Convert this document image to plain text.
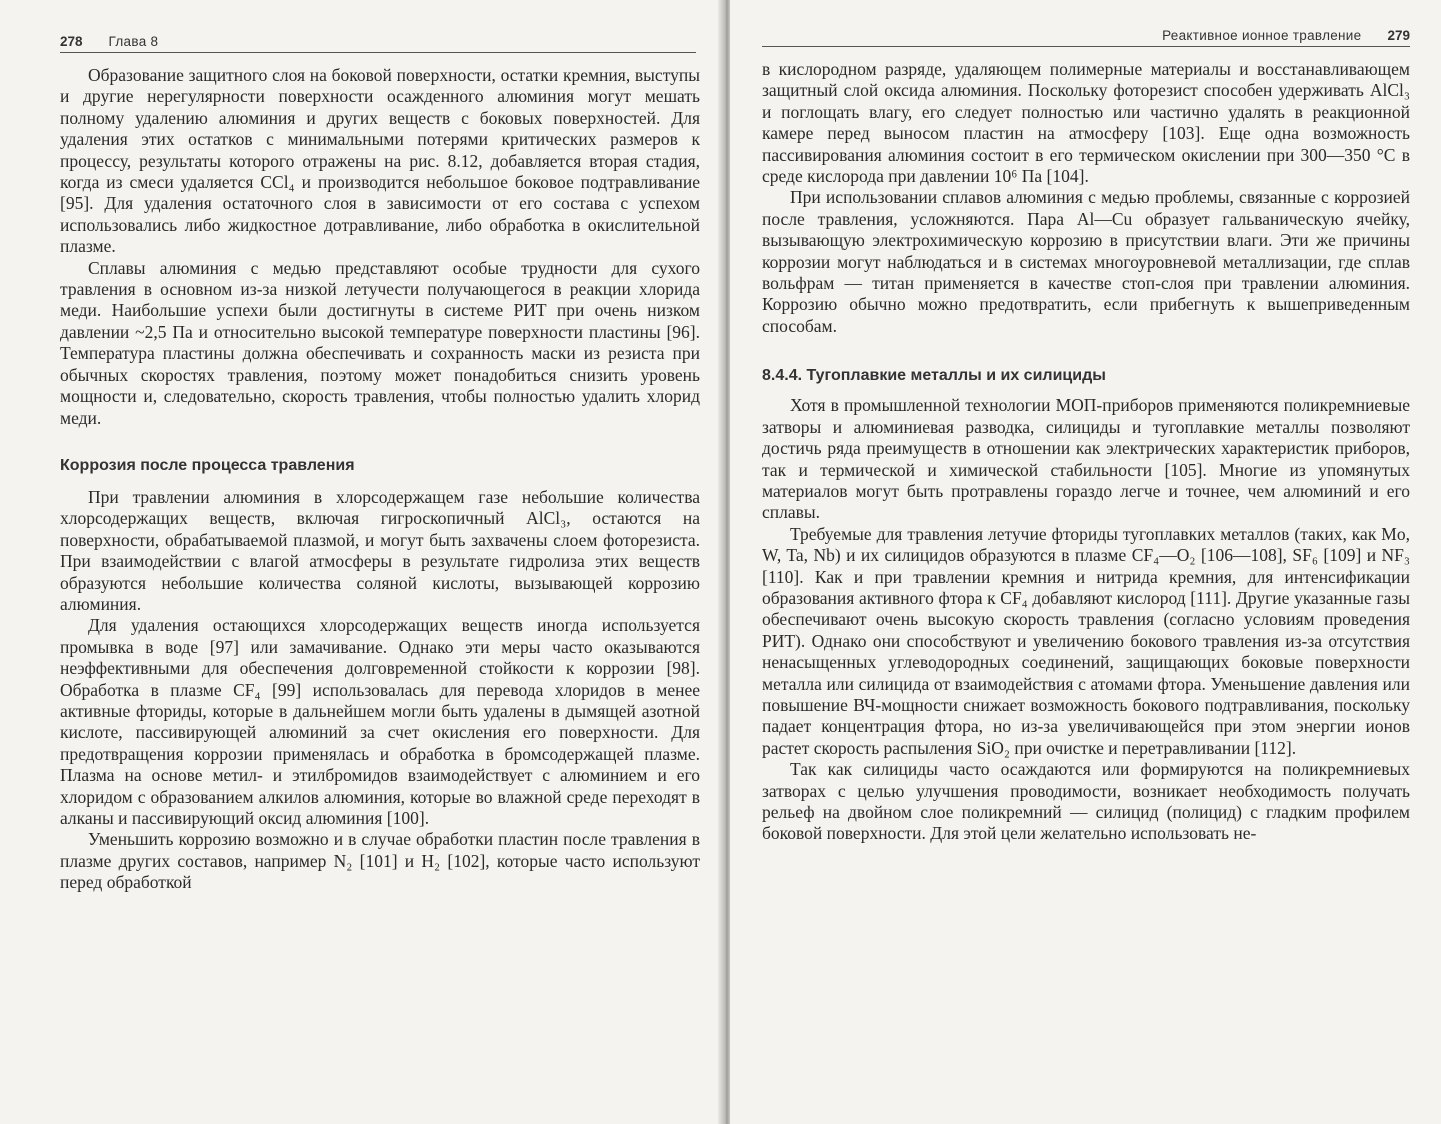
278 Глава 8

Образование защитного слоя на боковой поверхности, остатки кремния, выступы и другие нерегулярности поверхности осажденного алюминия могут мешать полному удалению алюминия и других веществ с боковых поверхностей. Для удаления этих остатков с минимальными потерями критических размеров к процессу, результаты которого отражены на рис. 8.12, добавляется вторая стадия, когда из смеси удаляется CCl₄ и производится небольшое боковое подтравливание [95]. Для удаления остаточного слоя в зависимости от его состава с успехом использовались либо жидкостное дотравливание, либо обработка в окислительной плазме.

Сплавы алюминия с медью представляют особые трудности для сухого травления в основном из-за низкой летучести получающегося в реакции хлорида меди. Наибольшие успехи были достигнуты в системе РИТ при очень низком давлении ~2,5 Па и относительно высокой температуре поверхности пластины [96]. Температура пластины должна обеспечивать и сохранность маски из резиста при обычных скоростях травления, поэтому может понадобиться снизить уровень мощности и, следовательно, скорость травления, чтобы полностью удалить хлорид меди.

Коррозия после процесса травления

При травлении алюминия в хлорсодержащем газе небольшие количества хлорсодержащих веществ, включая гигроскопичный AlCl₃, остаются на поверхности, обрабатываемой плазмой, и могут быть захвачены слоем фоторезиста. При взаимодействии с влагой атмосферы в результате гидролиза этих веществ образуются небольшие количества соляной кислоты, вызывающей коррозию алюминия.

Для удаления остающихся хлорсодержащих веществ иногда используется промывка в воде [97] или замачивание. Однако эти меры часто оказываются неэффективными для обеспечения долговременной стойкости к коррозии [98]. Обработка в плазме CF₄ [99] использовалась для перевода хлоридов в менее активные фториды, которые в дальнейшем могли быть удалены в дымящей азотной кислоте, пассивирующей алюминий за счет окисления его поверхности. Для предотвращения коррозии применялась и обработка в бромсодержащей плазме. Плазма на основе метил- и этилбромидов взаимодействует с алюминием и его хлоридом с образованием алкилов алюминия, которые во влажной среде переходят в алканы и пассивирующий оксид алюминия [100].

Уменьшить коррозию возможно и в случае обработки пластин после травления в плазме других составов, например N₂ [101] и H₂ [102], которые часто используют перед обработкой

Реактивное ионное травление 279

в кислородном разряде, удаляющем полимерные материалы и восстанавливающем защитный слой оксида алюминия. Поскольку фоторезист способен удерживать AlCl₃ и поглощать влагу, его следует полностью или частично удалять в реакционной камере перед выносом пластин на атмосферу [103]. Еще одна возможность пассивирования алюминия состоит в его термическом окислении при 300—350 °C в среде кислорода при давлении 10⁶ Па [104].

При использовании сплавов алюминия с медью проблемы, связанные с коррозией после травления, усложняются. Пара Al—Cu образует гальваническую ячейку, вызывающую электрохимическую коррозию в присутствии влаги. Эти же причины коррозии могут наблюдаться и в системах многоуровневой металлизации, где сплав вольфрам — титан применяется в качестве стоп-слоя при травлении алюминия. Коррозию обычно можно предотвратить, если прибегнуть к вышеприведенным способам.

8.4.4. Тугоплавкие металлы и их силициды

Хотя в промышленной технологии МОП-приборов применяются поликремниевые затворы и алюминиевая разводка, силициды и тугоплавкие металлы позволяют достичь ряда преимуществ в отношении как электрических характеристик приборов, так и термической и химической стабильности [105]. Многие из упомянутых материалов могут быть протравлены гораздо легче и точнее, чем алюминий и его сплавы.

Требуемые для травления летучие фториды тугоплавких металлов (таких, как Mo, W, Ta, Nb) и их силицидов образуются в плазме CF₄—O₂ [106—108], SF₆ [109] и NF₃ [110]. Как и при травлении кремния и нитрида кремния, для интенсификации образования активного фтора к CF₄ добавляют кислород [111]. Другие указанные газы обеспечивают очень высокую скорость травления (согласно условиям проведения РИТ). Однако они способствуют и увеличению бокового травления из-за отсутствия ненасыщенных углеводородных соединений, защищающих боковые поверхности металла или силицида от взаимодействия с атомами фтора. Уменьшение давления или повышение ВЧ-мощности снижает возможность бокового подтравливания, поскольку падает концентрация фтора, но из-за увеличивающейся при этом энергии ионов растет скорость распыления SiO₂ при очистке и перетравливании [112].

Так как силициды часто осаждаются или формируются на поликремниевых затворах с целью улучшения проводимости, возникает необходимость получать рельеф на двойном слое поликремний — силицид (полицид) с гладким профилем боковой поверхности. Для этой цели желательно использовать не-
